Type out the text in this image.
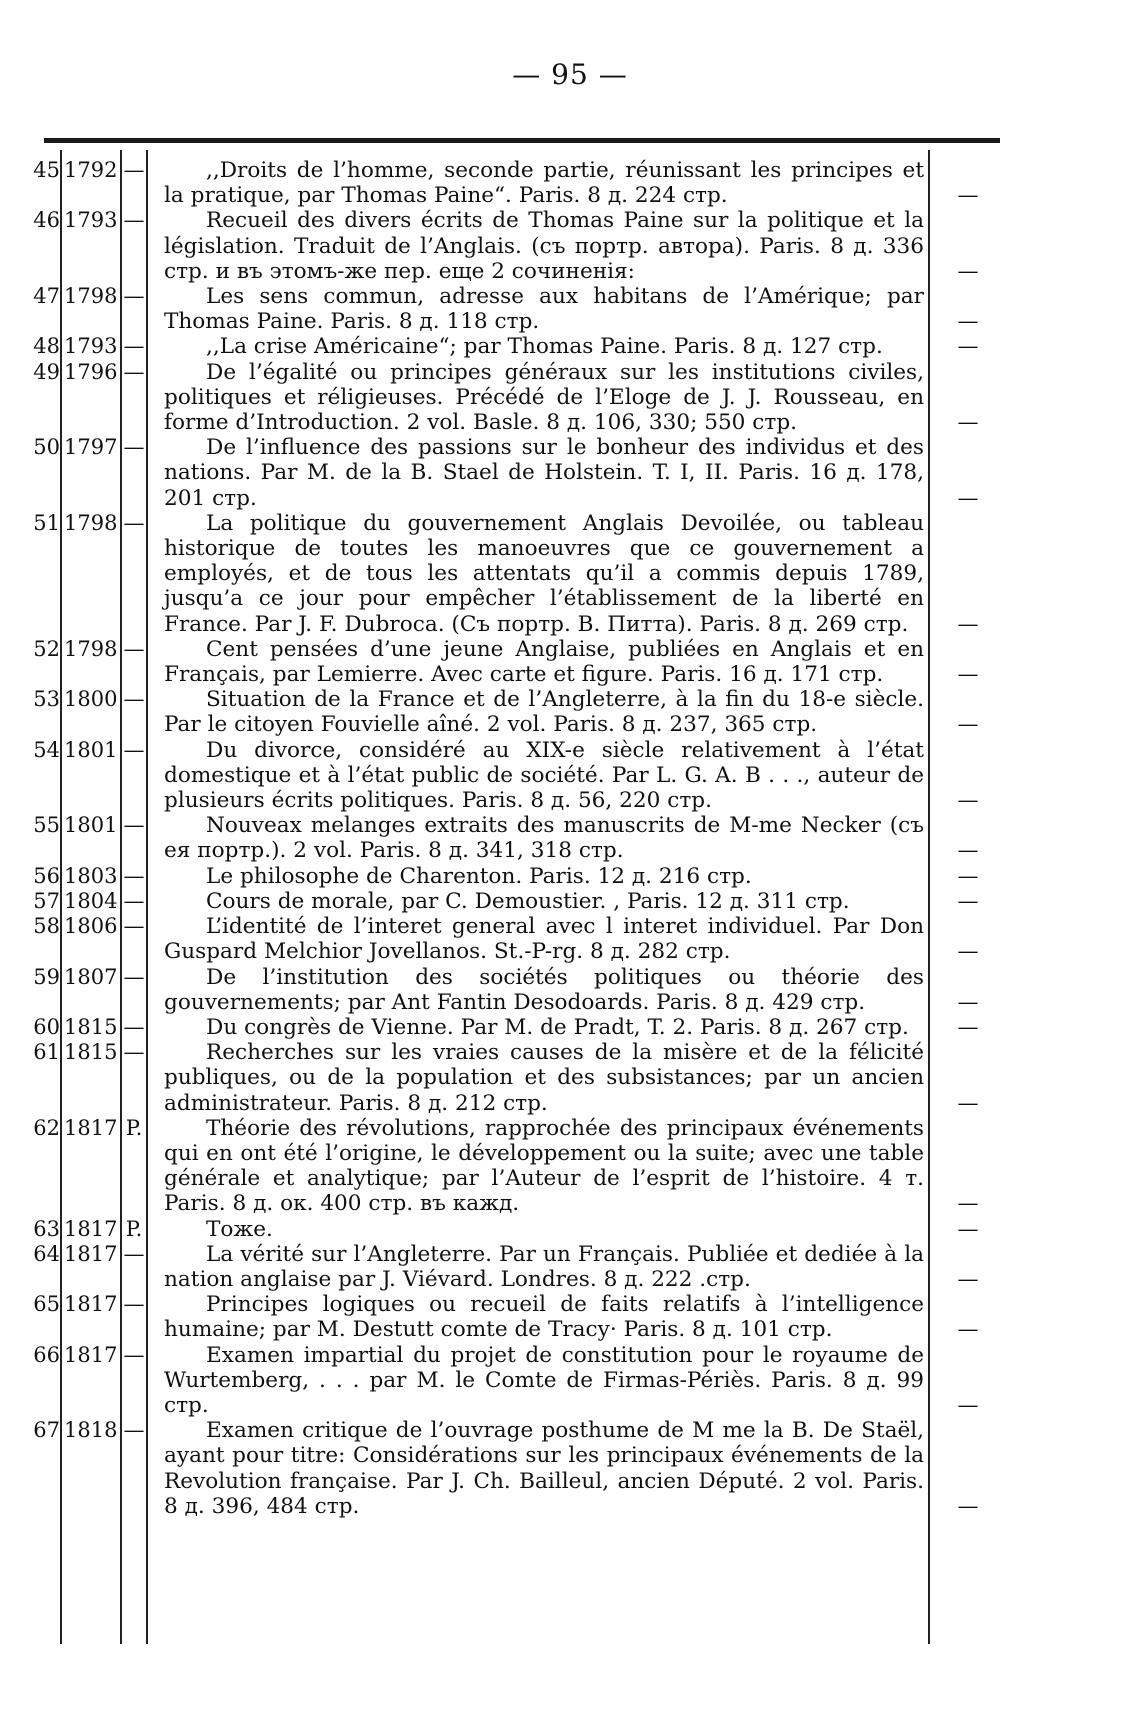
— 95 —
45 1792 —	,,Droits de l’homme, seconde partie, réunissant les principes et la pratique, par Thomas Paine“. Paris. 8 д. 224 стр.	—
46 1793 —	Recueil des divers écrits de Thomas Paine sur la politique et la législation. Traduit de l’Anglais. (съ портр. автора). Paris. 8 д. 336 стр. и въ этомъ-же пер. еще 2 сочиненія:	—
47 1798 —	Les sens commun, adresse aux habitans de l’Amérique; par Thomas Paine. Paris. 8 д. 118 стр.	—
48 1793 —	,,La crise Américaine“; par Thomas Paine. Paris. 8 д. 127 стр.	—
49 1796 —	De l’égalité ou principes généraux sur les institutions civiles, politiques et réligieuses. Précédé de l’Eloge de J. J. Rousseau, en forme d’Introduction. 2 vol. Basle. 8 д. 106, 330; 550 стр.	—
50 1797 —	De l’influence des passions sur le bonheur des individus et des nations. Par M. de la B. Stael de Holstein. T. I, II. Paris. 16 д. 178, 201 стр.	—
51 1798 —	La politique du gouvernement Anglais Devoilée, ou tableau historique de toutes les manoeuvres que ce gouvernement a employés, et de tous les attentats qu’il a commis depuis 1789, jusqu’a ce jour pour empêcher l’établissement de la liberté en France. Par J. F. Dubroca. (Съ портр. В. Питта). Paris. 8 д. 269 стр.	—
52 1798 —	Cent pensées d’une jeune Anglaise, publiées en Anglais et en Français, par Lemierre. Avec carte et figure. Paris. 16 д. 171 стр.	—
53 1800 —	Situation de la France et de l’Angleterre, à la fin du 18-e siècle. Par le citoyen Fouvielle aîné. 2 vol. Paris. 8 д. 237, 365 стр.	—
54 1801 —	Du divorce, considéré au XIX-e siècle relativement à l’état domestique et à l’état public de société. Par L. G. A. B . . ., auteur de plusieurs écrits politiques. Paris. 8 д. 56, 220 стр.	—
55 1801 —	Nouveax melanges extraits des manuscrits de M-me Necker (съ ея портр.). 2 vol. Paris. 8 д. 341, 318 стр.	—
56 1803 —	Le philosophe de Charenton. Paris. 12 д. 216 стр.	—
57 1804 —	Cours de morale, par C. Demoustier. , Paris. 12 д. 311 стр.	—
58 1806 —	L’identité de l’interet general avec l interet individuel. Par Don Guspard Melchior Jovellanos. St.-P-rg. 8 д. 282 стр.	—
59 1807 —	De l’institution des sociétés politiques ou théorie des gouvernements; par Ant Fantin Desodoards. Paris. 8 д. 429 стр.	—
60 1815 —	Du congrès de Vienne. Par M. de Pradt, T. 2. Paris. 8 д. 267 стр.	—
61 1815 —	Recherches sur les vraies causes de la misère et de la félicité publiques, ou de la population et des subsistances; par un ancien administrateur. Paris. 8 д. 212 стр.	—
62 1817 P.	Théorie des révolutions, rapprochée des principaux événements qui en ont été l’origine, le développement ou la suite; avec une table générale et analytique; par l’Auteur de l’esprit de l’histoire. 4 т. Paris. 8 д. ок. 400 стр. въ кажд.	—
63 1817 P.	Тоже.	—
64 1817 —	La vérité sur l’Angleterre. Par un Français. Publiée et dediée à la nation anglaise par J. Viévard. Londres. 8 д. 222 .стр.	—
65 1817 —	Principes logiques ou recueil de faits relatifs à l’intelligence humaine; par M. Destutt comte de Tracy· Paris. 8 д. 101 стр.	—
66 1817 —	Examen impartial du projet de constitution pour le royaume de Wurtemberg, . . . par M. le Comte de Firmas-Périès. Paris. 8 д. 99 стр.	—
67 1818 —	Examen critique de l’ouvrage posthume de M me la B. De Staël, ayant pour titre: Considérations sur les principaux événements de la Revolution française. Par J. Ch. Bailleul, ancien Député. 2 vol. Paris. 8 д. 396, 484 стр.	—
